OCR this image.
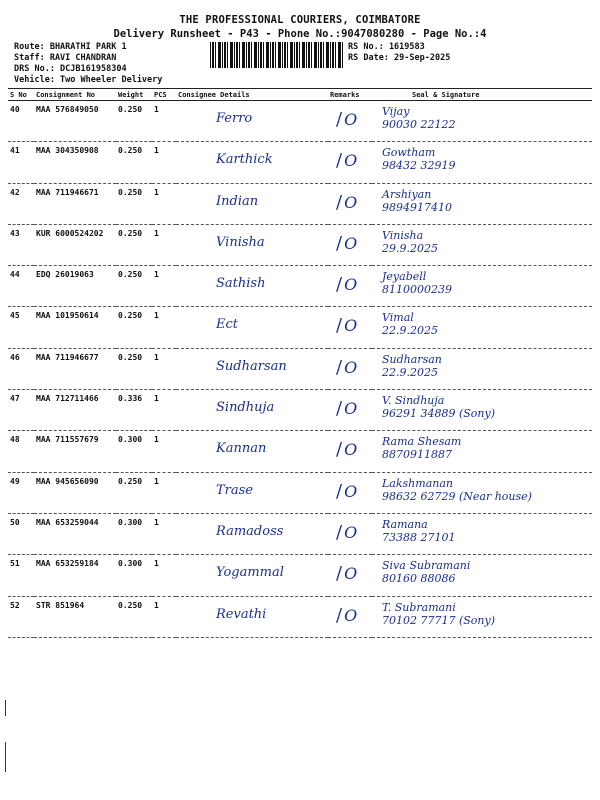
THE PROFESSIONAL COURIERS, COIMBATORE
Delivery Runsheet - P43 - Phone No.:9047080280 - Page No.:4
Route: BHARATHI PARK 1
Staff: RAVI CHANDRAN
DRS No.: DCJB161958304
Vehicle: Two Wheeler Delivery
RS No.: 1619583
RS Date: 29-Sep-2025
S No	Consignment No	Weight	PCS	Consignee Details	Remarks	Seal & Signature
40	MAA 576849050	0.250	1	Ferro	/ O	Vijay
90030 22122

41	MAA 304350908	0.250	1	Karthick	/ O	Gowtham
98432 32919

42	MAA 711946671	0.250	1	Indian	/ O	Arshiyan
9894917410

43	KUR 6000524202	0.250	1	Vinisha	/ O	Vinisha
29.9.2025

44	EDQ 26019063	0.250	1	Sathish	/ O	Jeyabell
8110000239

45	MAA 101950614	0.250	1	Ect	/ O	Vimal
22.9.2025

46	MAA 711946677	0.250	1	Sudharsan	/ O	Sudharsan
22.9.2025

47	MAA 712711466	0.336	1	Sindhuja	/ O	V. Sindhuja
96291 34889 (Sony)

48	MAA 711557679	0.300	1	Kannan	/ O	Rama Shesam
8870911887

49	MAA 945656090	0.250	1	Trase	/ O	Lakshmanan
98632 62729 (Near house)

50	MAA 653259044	0.300	1	Ramadoss	/ O	Ramana
73388 27101

51	MAA 653259184	0.300	1	Yogammal	/ O	Siva Subramani
80160 88086

52	STR 851964	0.250	1	Revathi	/ O	T. Subramani
70102 77717 (Sony)
